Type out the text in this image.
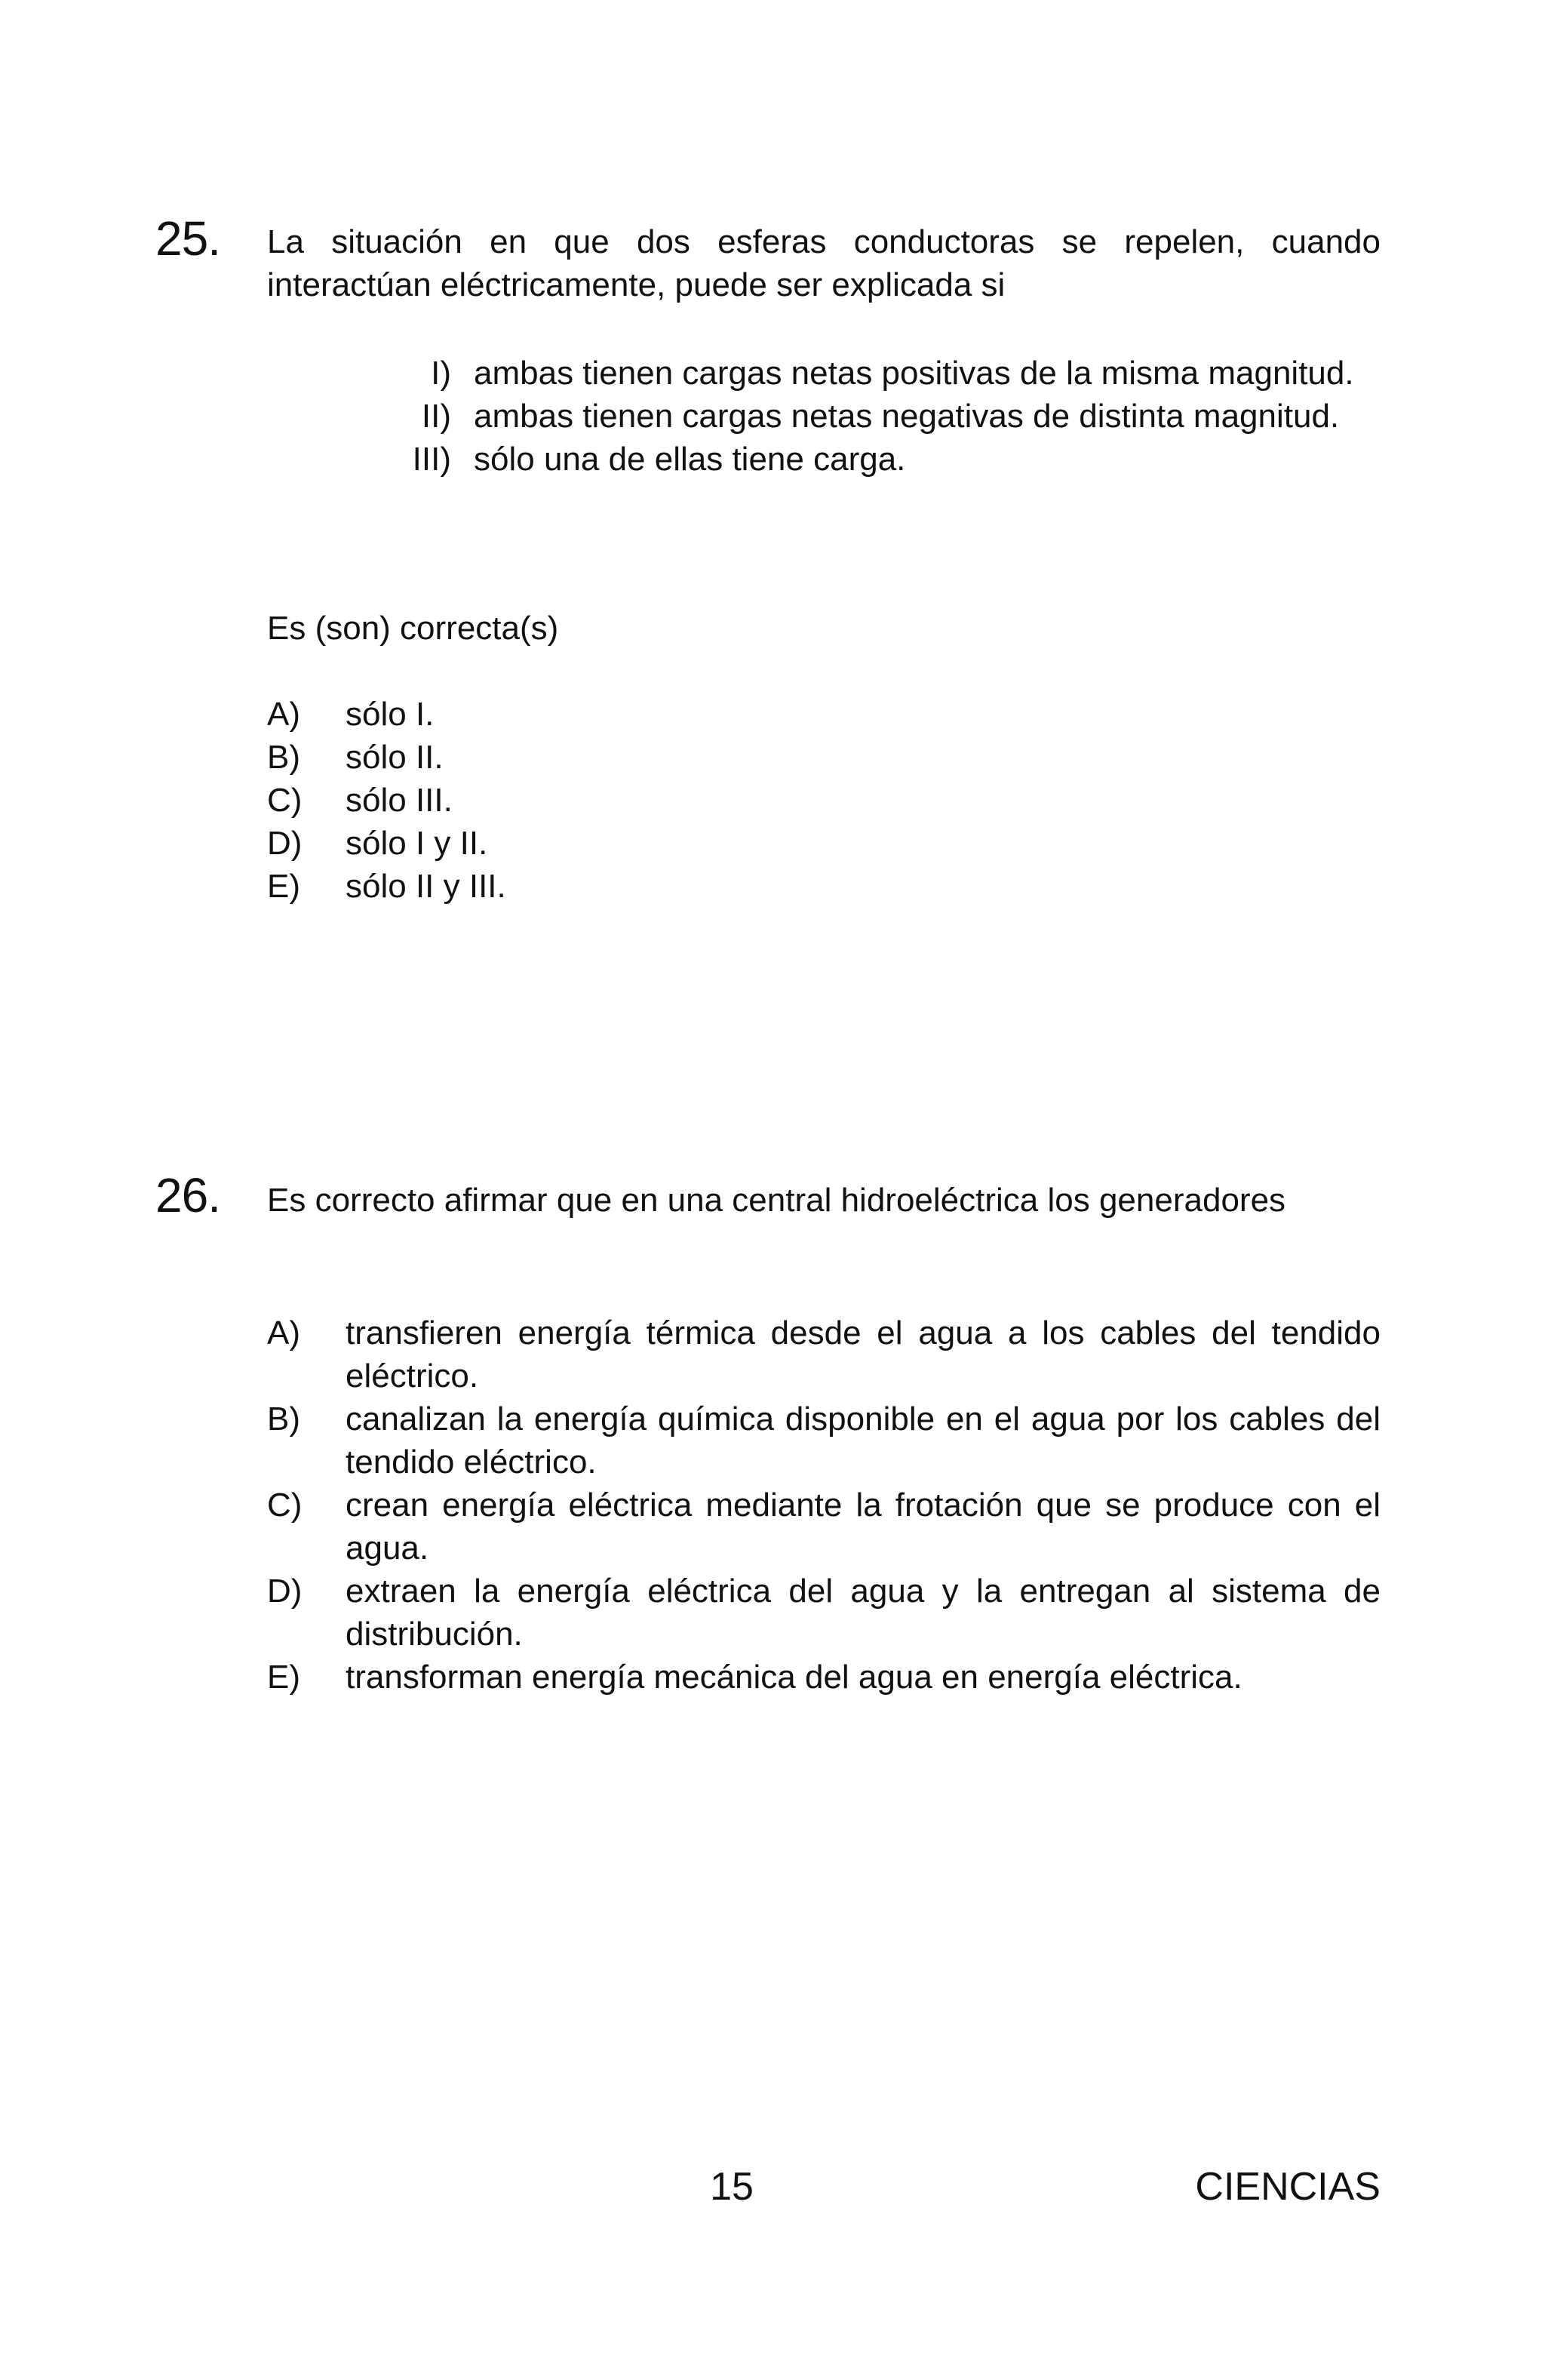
25. La situación en que dos esferas conductoras se repelen, cuando interactúan eléctricamente, puede ser explicada si
I) ambas tienen cargas netas positivas de la misma magnitud.
II) ambas tienen cargas netas negativas de distinta magnitud.
III) sólo una de ellas tiene carga.
Es (son) correcta(s)
A)	sólo I.
B)	sólo II.
C)	sólo III.
D)	sólo I y II.
E)	sólo II y III.
26. Es correcto afirmar que en una central hidroeléctrica los generadores
A)	transfieren energía térmica desde el agua a los cables del tendido eléctrico.
B)	canalizan la energía química disponible en el agua por los cables del tendido eléctrico.
C)	crean energía eléctrica mediante la frotación que se produce con el agua.
D)	extraen la energía eléctrica del agua y la entregan al sistema de distribución.
E)	transforman energía mecánica del agua en energía eléctrica.
15	CIENCIAS
